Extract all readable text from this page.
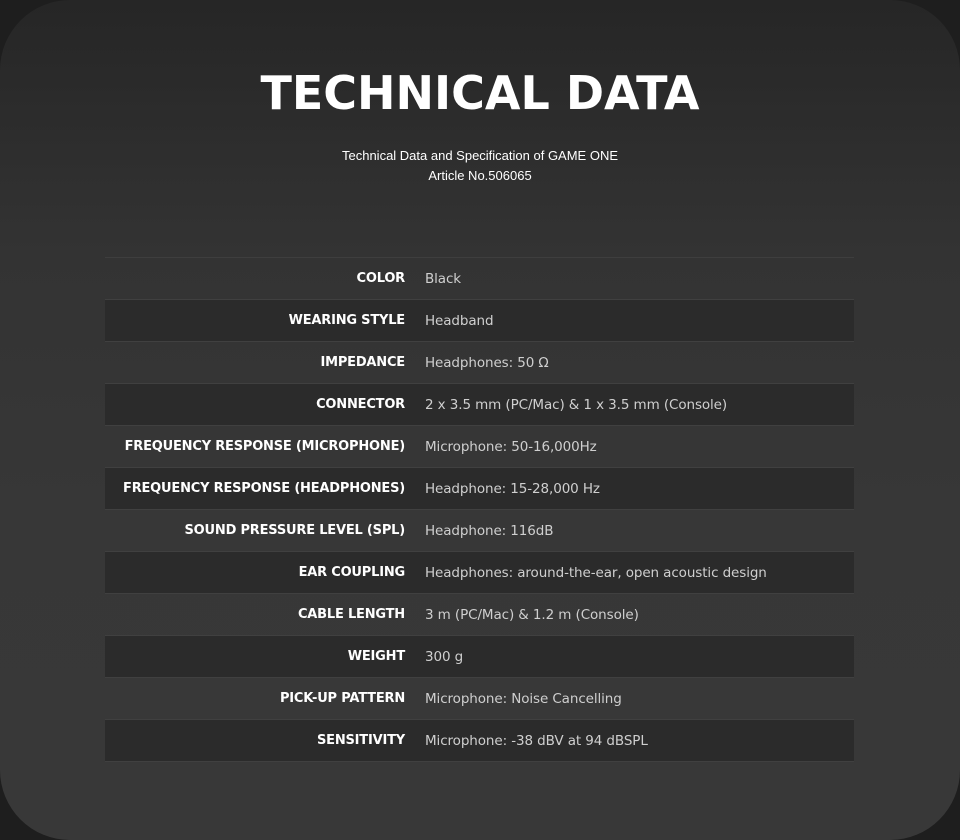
TECHNICAL DATA
Technical Data and Specification of GAME ONE
Article No.506065
COLOR Black
WEARING STYLE Headband
IMPEDANCE Headphones: 50 Ω
CONNECTOR 2 x 3.5 mm (PC/Mac) & 1 x 3.5 mm (Console)
FREQUENCY RESPONSE (MICROPHONE) Microphone: 50-16,000Hz
FREQUENCY RESPONSE (HEADPHONES) Headphone: 15-28,000 Hz
SOUND PRESSURE LEVEL (SPL) Headphone: 116dB
EAR COUPLING Headphones: around-the-ear, open acoustic design
CABLE LENGTH 3 m (PC/Mac) & 1.2 m (Console)
WEIGHT 300 g
PICK-UP PATTERN Microphone: Noise Cancelling
SENSITIVITY Microphone: -38 dBV at 94 dBSPL
